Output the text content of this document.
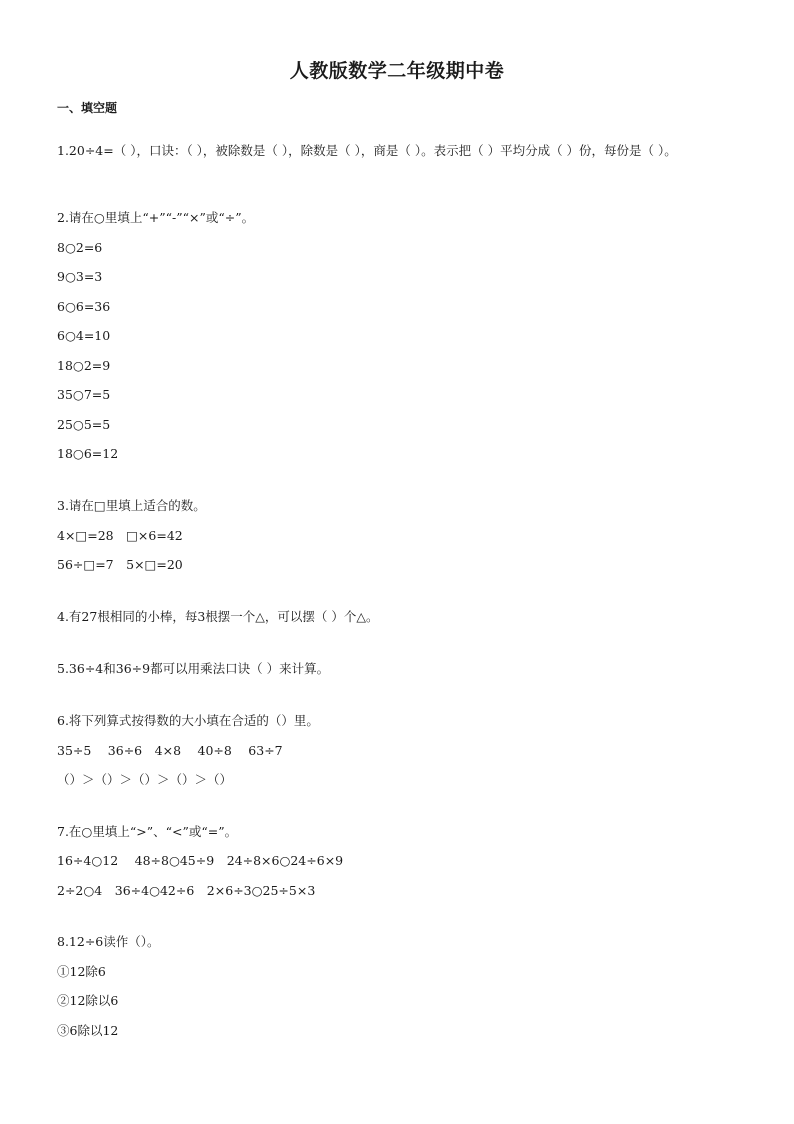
人教版数学二年级期中卷
一、填空题
1.20÷4=（ ），口诀：（ ），被除数是（ ），除数是（ ），商是（ ）。表示把（ ）平均分成（ ）份，每份是（ ）。
2.请在○里填上“+”“-”“×”或“÷”。
8○2=6
9○3=3
6○6=36
6○4=10
18○2=9
35○7=5
25○5=5
18○6=12
3.请在□里填上适合的数。
4×□=28　□×6=42
56÷□=7　5×□=20
4.有27根相同的小棒，每3根摆一个△，可以摆（ ）个△。
5.36÷4和36÷9都可以用乘法口诀（ ）来计算。
6.将下列算式按得数的大小填在合适的（）里。
35÷5　 36÷6　4×8　 40÷8　 63÷7
（）＞（）＞（）＞（）＞（）
7.在○里填上“>”、“<”或“=”。
16÷4○12　 48÷8○45÷9　24÷8×6○24÷6×9
2÷2○4　36÷4○42÷6　2×6÷3○25÷5×3
8.12÷6读作（）。
①12除6
②12除以6
③6除以12
